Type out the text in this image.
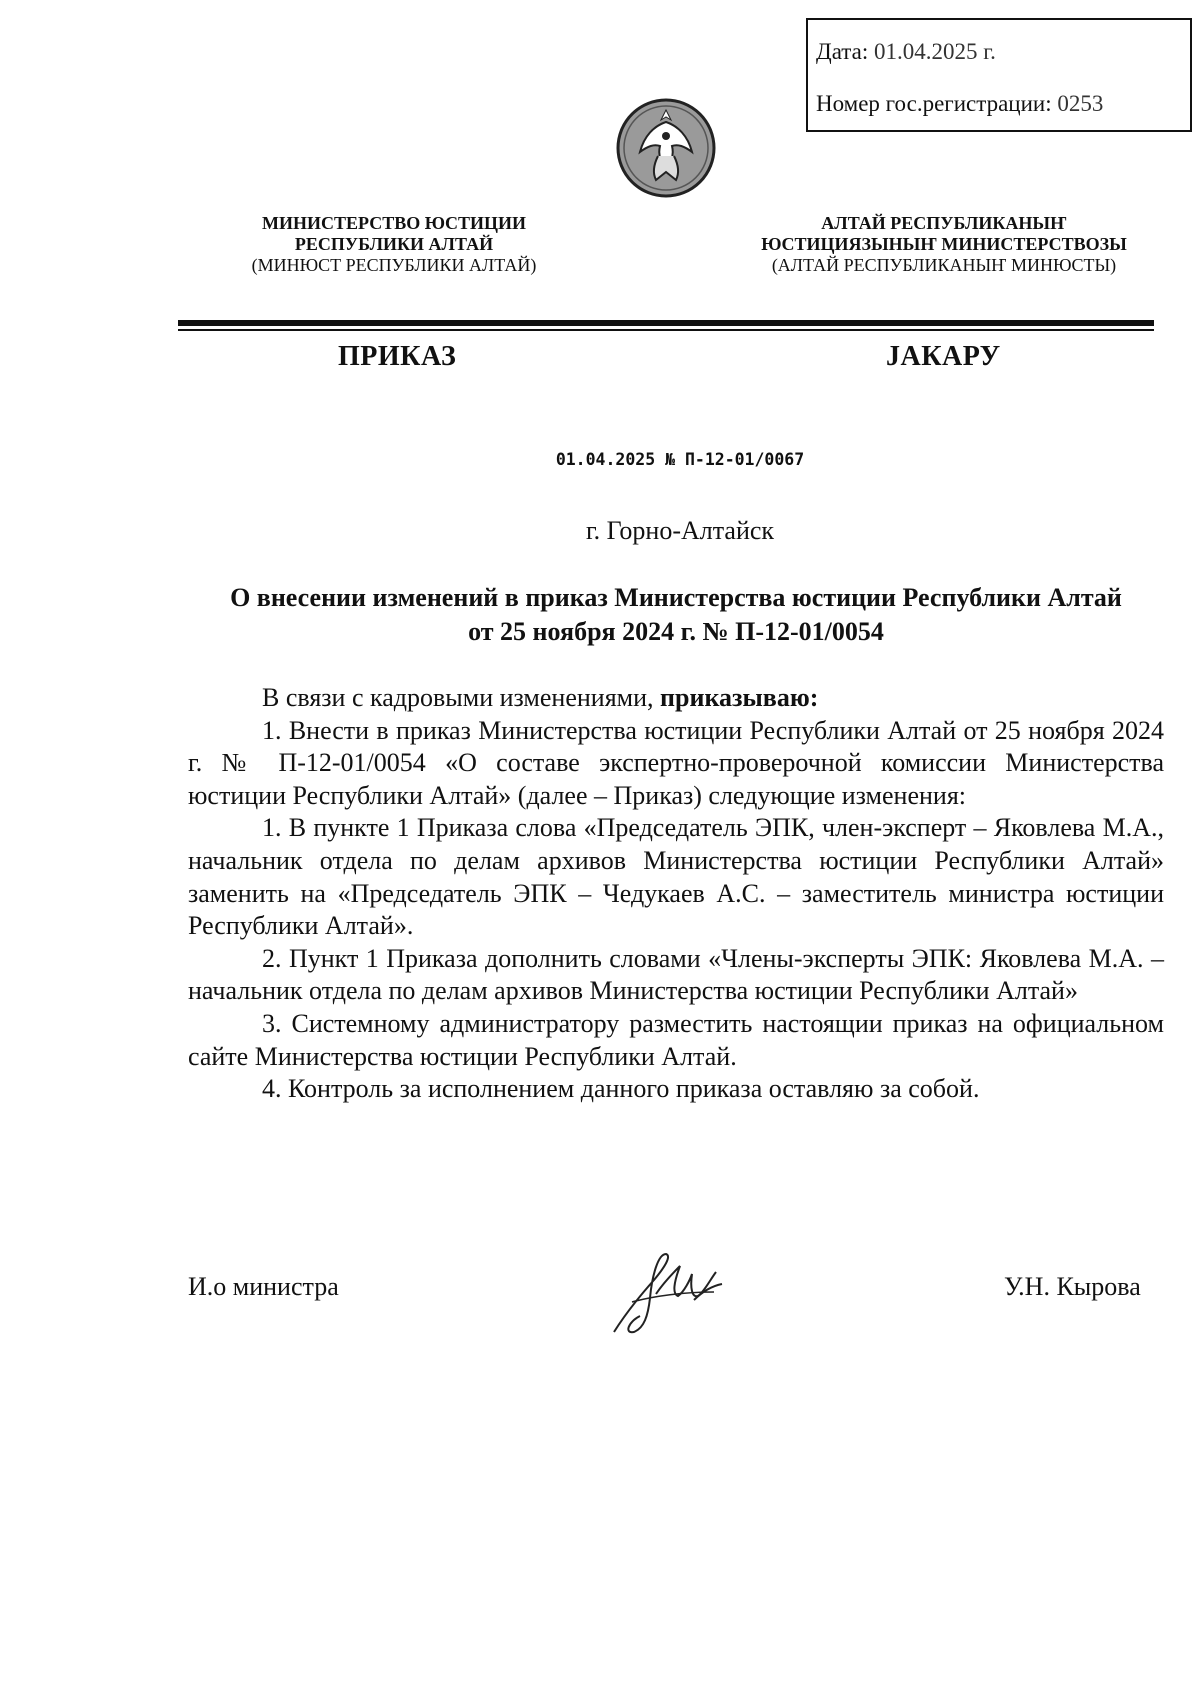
Дата: 01.04.2025 г.
Номер гос.регистрации: 0253
МИНИСТЕРСТВО ЮСТИЦИИ
РЕСПУБЛИКИ АЛТАЙ
(МИНЮСТ РЕСПУБЛИКИ АЛТАЙ)
АЛТАЙ РЕСПУБЛИКАНЫҤ
ЮСТИЦИЯЗЫНЫҤ МИНИСТЕРСТВОЗЫ
(АЛТАЙ РЕСПУБЛИКАНЫҤ МИНЮСТЫ)
ПРИКАЗ	ЈАКАРУ
01.04.2025 № П-12-01/0067
г. Горно-Алтайск
О внесении изменений в приказ Министерства юстиции Республики Алтай
от 25 ноября 2024 г. № П-12-01/0054

В связи с кадровыми изменениями, приказываю:

1. Внести в приказ Министерства юстиции Республики Алтай от 25 ноября 2024 г. № П-12-01/0054 «О составе экспертно-проверочной комиссии Министерства юстиции Республики Алтай» (далее – Приказ) следующие изменения:

1. В пункте 1 Приказа слова «Председатель ЭПК, член-эксперт – Яковлева М.А., начальник отдела по делам архивов Министерства юстиции Республики Алтай» заменить на «Председатель ЭПК – Чедукаев А.С. – заместитель министра юстиции Республики Алтай».

2. Пункт 1 Приказа дополнить словами «Члены-эксперты ЭПК: Яковлева М.А. – начальник отдела по делам архивов Министерства юстиции Республики Алтай»

3. Системному администратору разместить настоящии приказ на официальном сайте Министерства юстиции Республики Алтай.

4. Контроль за исполнением данного приказа оставляю за собой.

И.о министра	У.Н. Кырова
